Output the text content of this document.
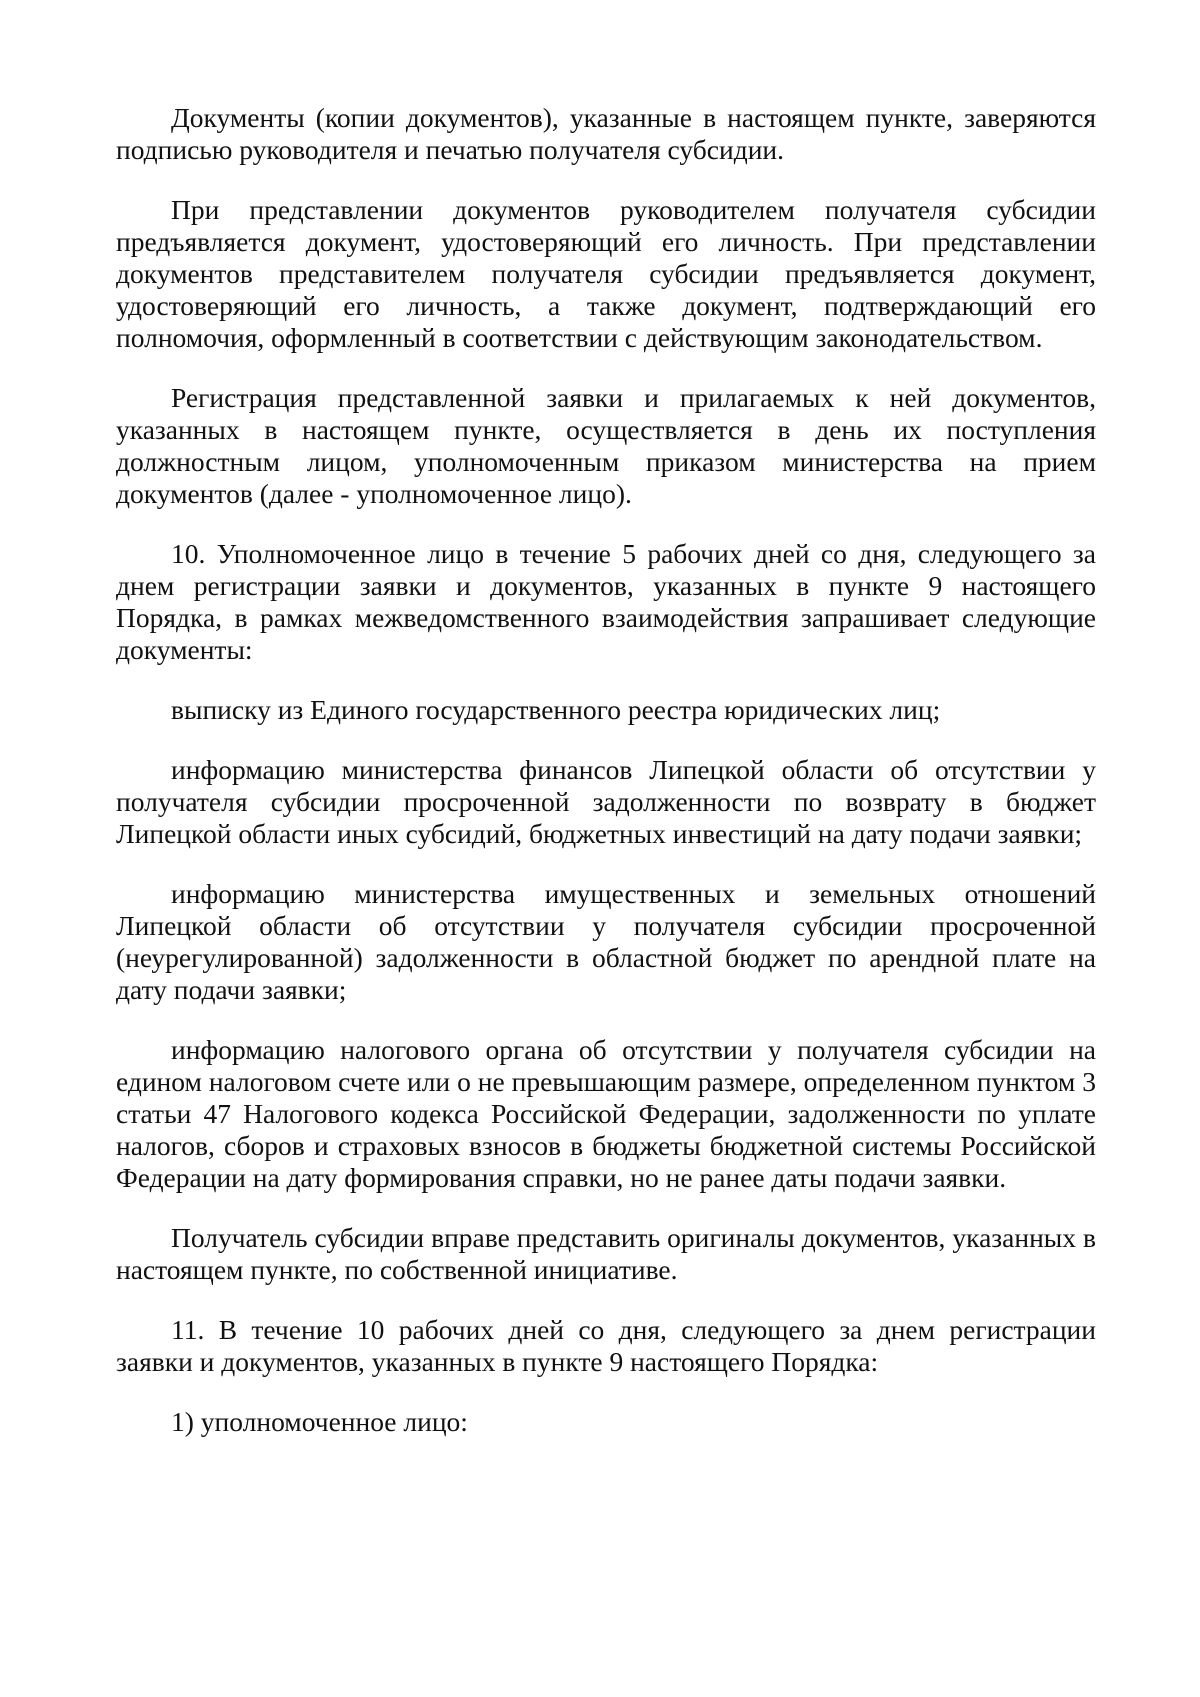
Документы (копии документов), указанные в настоящем пункте, заверяются подписью руководителя и печатью получателя субсидии.

При представлении документов руководителем получателя субсидии предъявляется документ, удостоверяющий его личность. При представлении документов представителем получателя субсидии предъявляется документ, удостоверяющий его личность, а также документ, подтверждающий его полномочия, оформленный в соответствии с действующим законодательством.

Регистрация представленной заявки и прилагаемых к ней документов, указанных в настоящем пункте, осуществляется в день их поступления должностным лицом, уполномоченным приказом министерства на прием документов (далее - уполномоченное лицо).

10. Уполномоченное лицо в течение 5 рабочих дней со дня, следующего за днем регистрации заявки и документов, указанных в пункте 9 настоящего Порядка, в рамках межведомственного взаимодействия запрашивает следующие документы:

выписку из Единого государственного реестра юридических лиц;

информацию министерства финансов Липецкой области об отсутствии у получателя субсидии просроченной задолженности по возврату в бюджет Липецкой области иных субсидий, бюджетных инвестиций на дату подачи заявки;

информацию министерства имущественных и земельных отношений Липецкой области об отсутствии у получателя субсидии просроченной (неурегулированной) задолженности в областной бюджет по арендной плате на дату подачи заявки;

информацию налогового органа об отсутствии у получателя субсидии на едином налоговом счете или о не превышающим размере, определенном пунктом 3 статьи 47 Налогового кодекса Российской Федерации, задолженности по уплате налогов, сборов и страховых взносов в бюджеты бюджетной системы Российской Федерации на дату формирования справки, но не ранее даты подачи заявки.

Получатель субсидии вправе представить оригиналы документов, указанных в настоящем пункте, по собственной инициативе.

11. В течение 10 рабочих дней со дня, следующего за днем регистрации заявки и документов, указанных в пункте 9 настоящего Порядка:

1) уполномоченное лицо:
